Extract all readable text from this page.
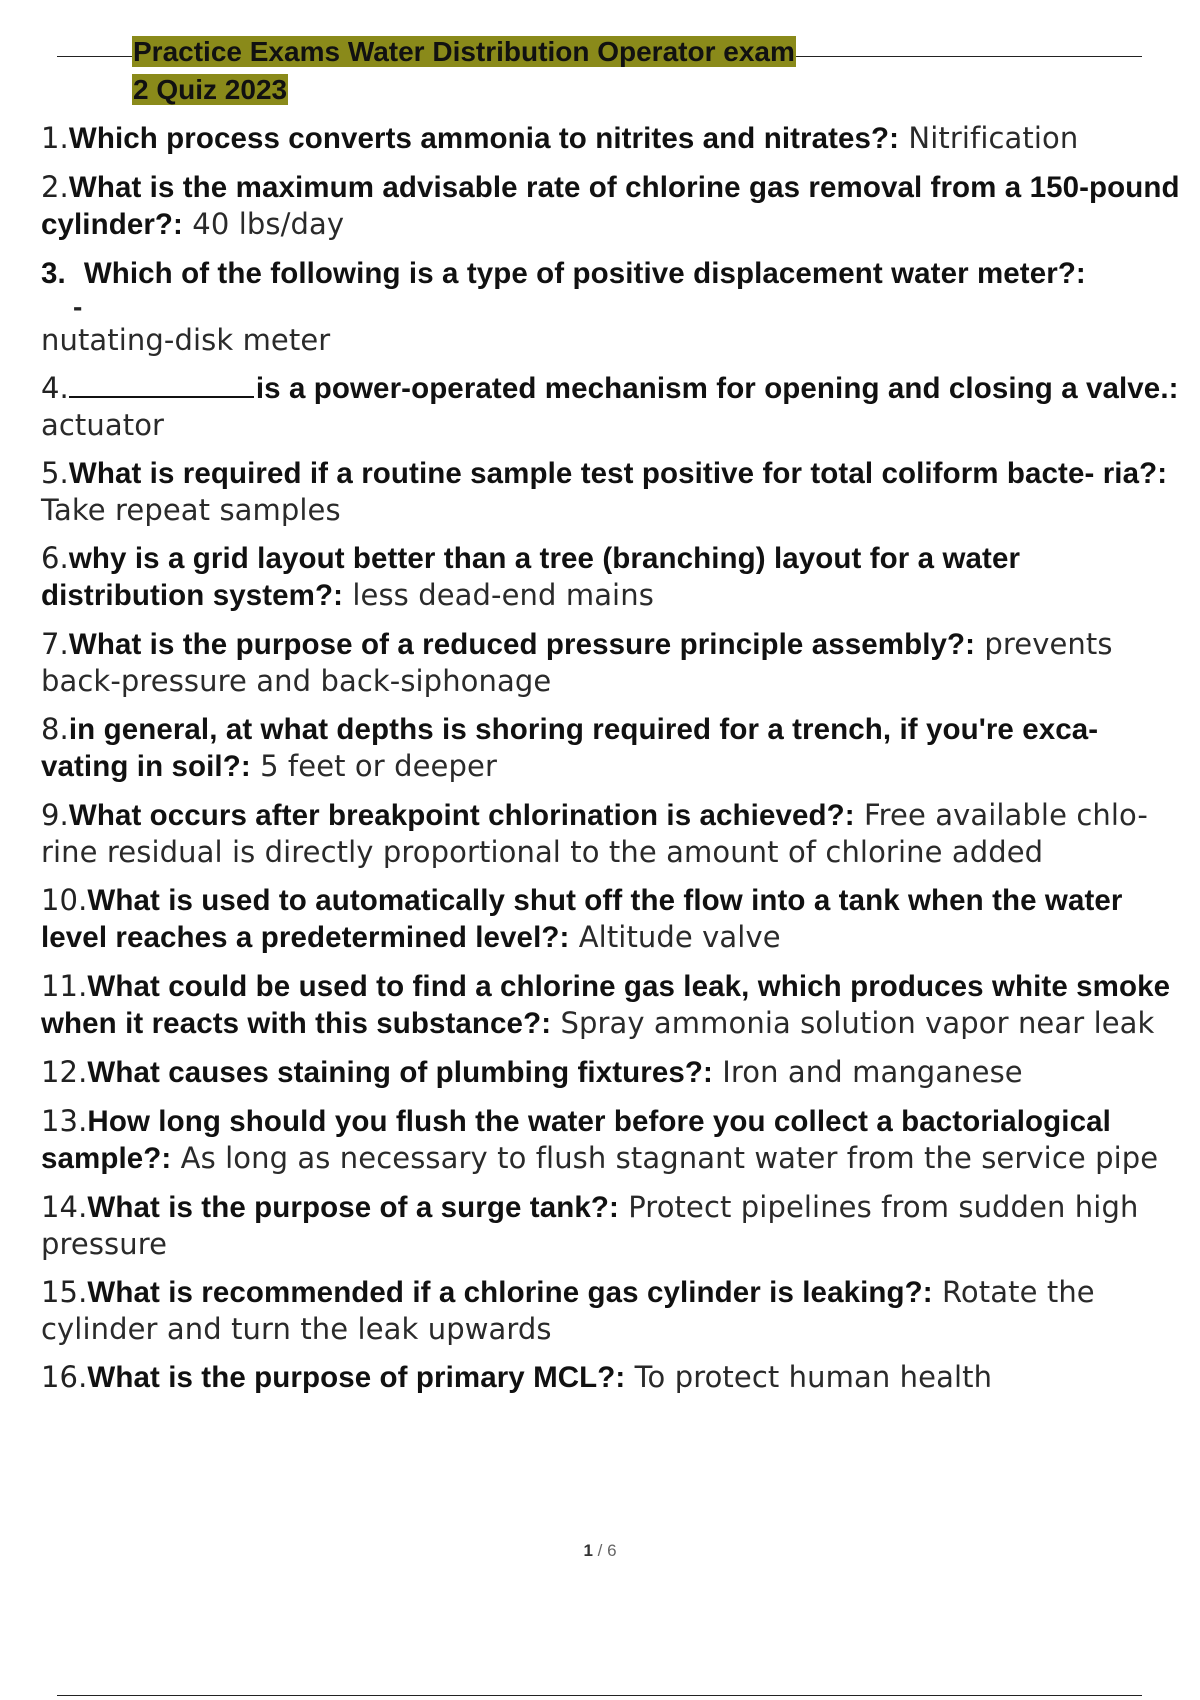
Practice Exams Water Distribution Operator exam
2 Quiz 2023
1.Which process converts ammonia to nitrites and nitrates?: Nitrification
2.What is the maximum advisable rate of chlorine gas removal from a 150-pound cylinder?: 40 lbs/day
3. Which of the following is a type of positive displacement water meter?:
-
nutating-disk meter
4.	is a power-operated mechanism for opening and closing a valve.: actuator
5.What is required if a routine sample test positive for total coliform bacte- ria?: Take repeat samples
6.why is a grid layout better than a tree (branching) layout for a water distribution system?: less dead-end mains
7.What is the purpose of a reduced pressure principle assembly?: prevents back-pressure and back-siphonage
8.in general, at what depths is shoring required for a trench, if you're exca- vating in soil?: 5 feet or deeper
9.What occurs after breakpoint chlorination is achieved?: Free available chlo- rine residual is directly proportional to the amount of chlorine added
10.What is used to automatically shut off the flow into a tank when the water level reaches a predetermined level?: Altitude valve
11.What could be used to find a chlorine gas leak, which produces white smoke when it reacts with this substance?: Spray ammonia solution vapor near leak
12.What causes staining of plumbing fixtures?: Iron and manganese
13.How long should you flush the water before you collect a bactorialogical sample?: As long as necessary to flush stagnant water from the service pipe
14.What is the purpose of a surge tank?: Protect pipelines from sudden high pressure
15.What is recommended if a chlorine gas cylinder is leaking?: Rotate the cylinder and turn the leak upwards
16.What is the purpose of primary MCL?: To protect human health
1 / 6
